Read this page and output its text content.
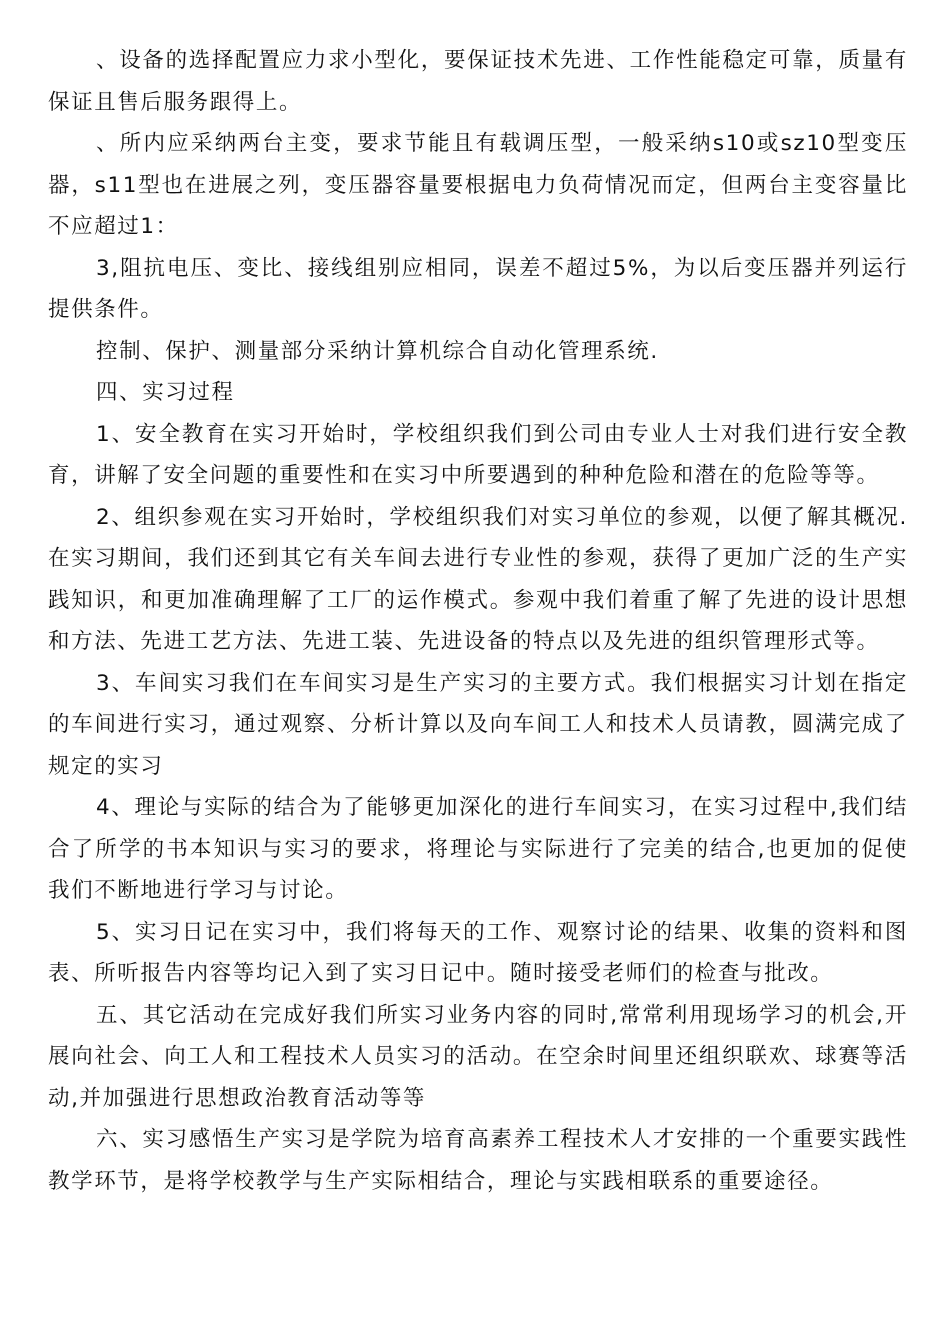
、设备的选择配置应力求小型化，要保证技术先进、工作性能稳定可靠，质量有保证且售后服务跟得上。

、所内应采纳两台主变，要求节能且有载调压型，一般采纳s10或sz10型变压器，s11型也在进展之列，变压器容量要根据电力负荷情况而定，但两台主变容量比不应超过1：

3,阻抗电压、变比、接线组别应相同，误差不超过5%，为以后变压器并列运行提供条件。

控制、保护、测量部分采纳计算机综合自动化管理系统.

四、实习过程

1、安全教育在实习开始时，学校组织我们到公司由专业人士对我们进行安全教育，讲解了安全问题的重要性和在实习中所要遇到的种种危险和潜在的危险等等。

2、组织参观在实习开始时，学校组织我们对实习单位的参观，以便了解其概况.在实习期间，我们还到其它有关车间去进行专业性的参观，获得了更加广泛的生产实践知识，和更加准确理解了工厂的运作模式。参观中我们着重了解了先进的设计思想和方法、先进工艺方法、先进工装、先进设备的特点以及先进的组织管理形式等。

3、车间实习我们在车间实习是生产实习的主要方式。我们根据实习计划在指定的车间进行实习，通过观察、分析计算以及向车间工人和技术人员请教，圆满完成了规定的实习

4、理论与实际的结合为了能够更加深化的进行车间实习，在实习过程中,我们结合了所学的书本知识与实习的要求，将理论与实际进行了完美的结合,也更加的促使我们不断地进行学习与讨论。

5、实习日记在实习中，我们将每天的工作、观察讨论的结果、收集的资料和图表、所听报告内容等均记入到了实习日记中。随时接受老师们的检查与批改。

五、其它活动在完成好我们所实习业务内容的同时,常常利用现场学习的机会,开展向社会、向工人和工程技术人员实习的活动。在空余时间里还组织联欢、球赛等活动,并加强进行思想政治教育活动等等

六、实习感悟生产实习是学院为培育高素养工程技术人才安排的一个重要实践性教学环节，是将学校教学与生产实际相结合，理论与实践相联系的重要途径。
